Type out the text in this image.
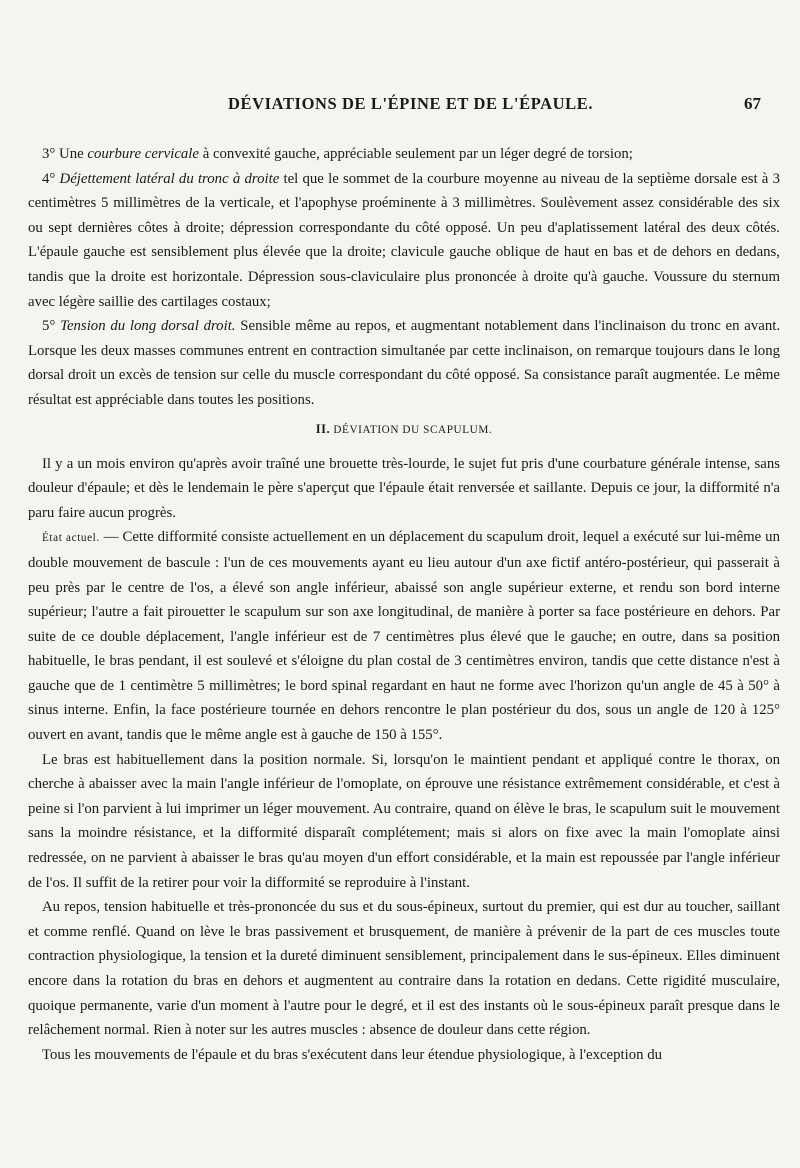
DÉVIATIONS DE L'ÉPINE ET DE L'ÉPAULE.	67

3° Une courbure cervicale à convexité gauche, appréciable seulement par un léger degré de torsion;

4° Déjettement latéral du tronc à droite tel que le sommet de la courbure moyenne au niveau de la septième dorsale est à 3 centimètres 5 millimètres de la verticale, et l'apophyse proéminente à 3 millimètres. Soulèvement assez considérable des six ou sept dernières côtes à droite; dépression correspondante du côté opposé. Un peu d'aplatissement latéral des deux côtés. L'épaule gauche est sensiblement plus élevée que la droite; clavicule gauche oblique de haut en bas et de dehors en dedans, tandis que la droite est horizontale. Dépression sous-claviculaire plus prononcée à droite qu'à gauche. Voussure du sternum avec légère saillie des cartilages costaux;

5° Tension du long dorsal droit. Sensible même au repos, et augmentant notablement dans l'inclinaison du tronc en avant. Lorsque les deux masses communes entrent en contraction simultanée par cette inclinaison, on remarque toujours dans le long dorsal droit un excès de tension sur celle du muscle correspondant du côté opposé. Sa consistance paraît augmentée. Le même résultat est appréciable dans toutes les positions.

II. DÉVIATION DU SCAPULUM.

Il y a un mois environ qu'après avoir traîné une brouette très-lourde, le sujet fut pris d'une courbature générale intense, sans douleur d'épaule; et dès le lendemain le père s'aperçut que l'épaule était renversée et saillante. Depuis ce jour, la difformité n'a paru faire aucun progrès.

État actuel. — Cette difformité consiste actuellement en un déplacement du scapulum droit, lequel a exécuté sur lui-même un double mouvement de bascule : l'un de ces mouvements ayant eu lieu autour d'un axe fictif antéro-postérieur, qui passerait à peu près par le centre de l'os, a élevé son angle inférieur, abaissé son angle supérieur externe, et rendu son bord interne supérieur; l'autre a fait pirouetter le scapulum sur son axe longitudinal, de manière à porter sa face postérieure en dehors. Par suite de ce double déplacement, l'angle inférieur est de 7 centimètres plus élevé que le gauche; en outre, dans sa position habituelle, le bras pendant, il est soulevé et s'éloigne du plan costal de 3 centimètres environ, tandis que cette distance n'est à gauche que de 1 centimètre 5 millimètres; le bord spinal regardant en haut ne forme avec l'horizon qu'un angle de 45 à 50° à sinus interne. Enfin, la face postérieure tournée en dehors rencontre le plan postérieur du dos, sous un angle de 120 à 125° ouvert en avant, tandis que le même angle est à gauche de 150 à 155°.

Le bras est habituellement dans la position normale. Si, lorsqu'on le maintient pendant et appliqué contre le thorax, on cherche à abaisser avec la main l'angle inférieur de l'omoplate, on éprouve une résistance extrêmement considérable, et c'est à peine si l'on parvient à lui imprimer un léger mouvement. Au contraire, quand on élève le bras, le scapulum suit le mouvement sans la moindre résistance, et la difformité disparaît complétement; mais si alors on fixe avec la main l'omoplate ainsi redressée, on ne parvient à abaisser le bras qu'au moyen d'un effort considérable, et la main est repoussée par l'angle inférieur de l'os. Il suffit de la retirer pour voir la difformité se reproduire à l'instant.

Au repos, tension habituelle et très-prononcée du sus et du sous-épineux, surtout du premier, qui est dur au toucher, saillant et comme renflé. Quand on lève le bras passivement et brusquement, de manière à prévenir de la part de ces muscles toute contraction physiologique, la tension et la dureté diminuent sensiblement, principalement dans le sus-épineux. Elles diminuent encore dans la rotation du bras en dehors et augmentent au contraire dans la rotation en dedans. Cette rigidité musculaire, quoique permanente, varie d'un moment à l'autre pour le degré, et il est des instants où le sous-épineux paraît presque dans le relâchement normal. Rien à noter sur les autres muscles : absence de douleur dans cette région.

Tous les mouvements de l'épaule et du bras s'exécutent dans leur étendue physiologique, à l'exception du
